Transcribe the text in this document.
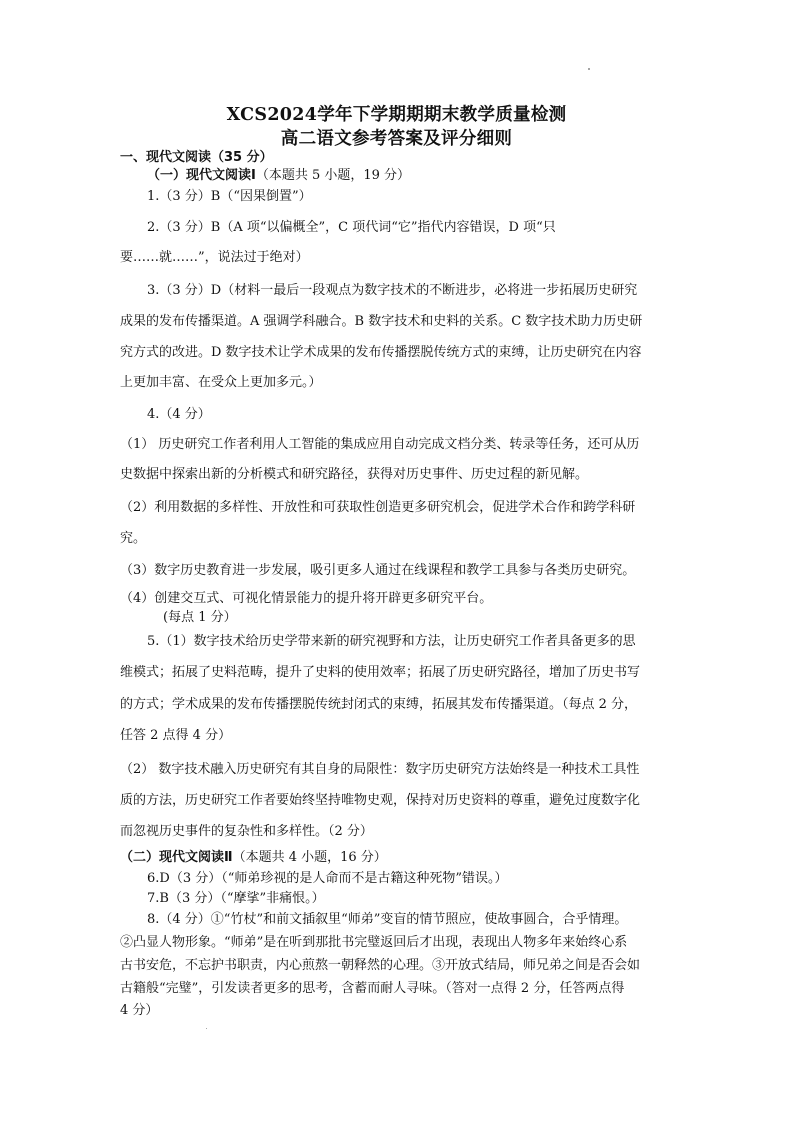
XCS2024学年下学期期期末教学质量检测
高二语文参考答案及评分细则
一、现代文阅读（35 分）
（一）现代文阅读Ⅰ（本题共 5 小题，19 分）
1.（3 分）B（“因果倒置”）
2.（3 分）B（A 项“以偏概全”，C 项代词“它”指代内容错误，D 项“只
要……就……”，说法过于绝对）
3.（3 分）D（材料一最后一段观点为数字技术的不断进步，必将进一步拓展历史研究
成果的发布传播渠道。A 强调学科融合。B 数字技术和史料的关系。C 数字技术助力历史研
究方式的改进。D 数字技术让学术成果的发布传播摆脱传统方式的束缚，让历史研究在内容
上更加丰富、在受众上更加多元。）
4.（4 分）
（1） 历史研究工作者利用人工智能的集成应用自动完成文档分类、转录等任务，还可从历
史数据中探索出新的分析模式和研究路径，获得对历史事件、历史过程的新见解。
（2）利用数据的多样性、开放性和可获取性创造更多研究机会，促进学术合作和跨学科研
究。
（3）数字历史教育进一步发展，吸引更多人通过在线课程和教学工具参与各类历史研究。
（4）创建交互式、可视化情景能力的提升将开辟更多研究平台。
(每点 1 分）
5.（1）数字技术给历史学带来新的研究视野和方法，让历史研究工作者具备更多的思
维模式；拓展了史料范畴，提升了史料的使用效率；拓展了历史研究路径，增加了历史书写
的方式；学术成果的发布传播摆脱传统封闭式的束缚，拓展其发布传播渠道。（每点 2 分，
任答 2 点得 4 分）
（2） 数字技术融入历史研究有其自身的局限性：数字历史研究方法始终是一种技术工具性
质的方法，历史研究工作者要始终坚持唯物史观，保持对历史资料的尊重，避免过度数字化
而忽视历史事件的复杂性和多样性。（2 分）
（二）现代文阅读Ⅱ（本题共 4 小题，16 分）
6.D（3 分）（“师弟珍视的是人命而不是古籍这种死物”错误。）
7.B（3 分）（“摩挲”非痛恨。）
8.（4 分）①“竹杖”和前文插叙里“师弟”变盲的情节照应，使故事圆合，合乎情理。
②凸显人物形象。“师弟”是在听到那批书完璧返回后才出现，表现出人物多年来始终心系
古书安危，不忘护书职责，内心煎熬一朝释然的心理。③开放式结局，师兄弟之间是否会如
古籍般“完璧”，引发读者更多的思考，含蓄而耐人寻味。（答对一点得 2 分，任答两点得
4 分）
